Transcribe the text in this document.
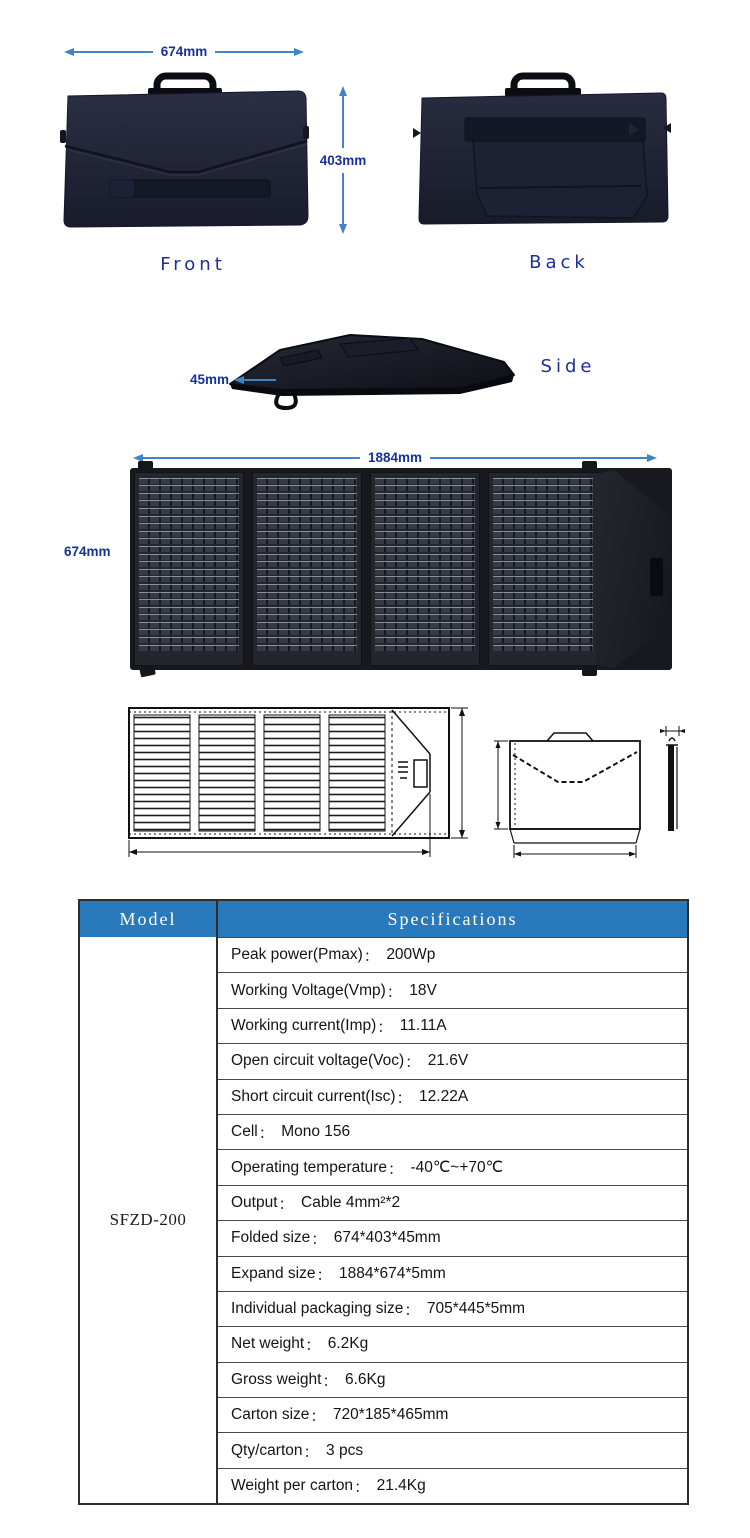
674mm
403mm
Front	Back
45mm
Side
1884mm
674mm
Model	Specifications
SFZD-200
Peak power(Pmax) ： 200Wp
Working Voltage(Vmp) ： 18V
Working current(Imp) ： 11.11A
Open circuit voltage(Voc) ： 21.6V
Short circuit current(Isc) ： 12.22A
Cell ： Mono 156
Operating temperature ： -40℃~+70℃
Output ： Cable 4mm²*2
Folded size ： 674*403*45mm
Expand size ： 1884*674*5mm
Individual packaging size ： 705*445*5mm
Net weight ： 6.2Kg
Gross weight ： 6.6Kg
Carton size ： 720*185*465mm
Qty/carton ： 3 pcs
Weight per carton ： 21.4Kg
